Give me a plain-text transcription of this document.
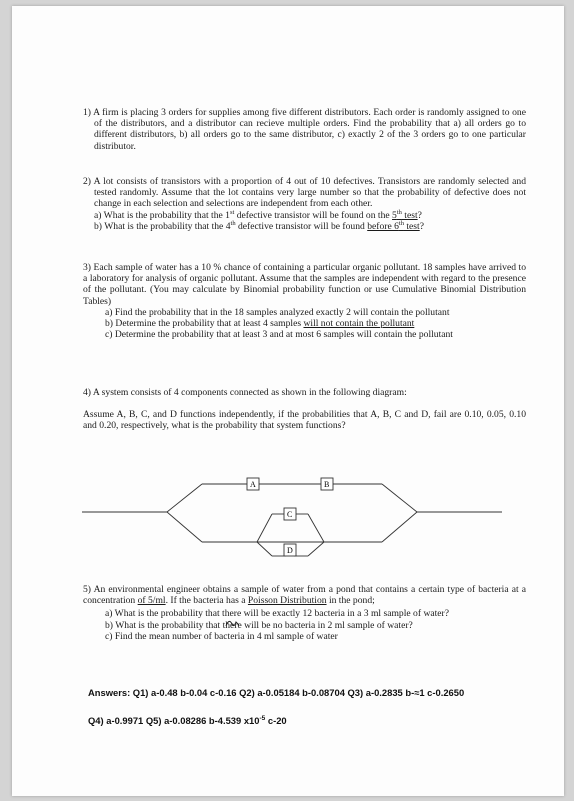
1) A firm is placing 3 orders for supplies among five different distributors. Each order is randomly assigned to one of the distributors, and a distributor can recieve multiple orders. Find the probability that a) all orders go to different distributors, b) all orders go to the same distributor, c) exactly 2 of the 3 orders go to one particular distributor.

2) A lot consists of transistors with a proportion of 4 out of 10 defectives. Transistors are randomly selected and tested randomly. Assume that the lot contains very large number so that the probability of defective does not change in each selection and selections are independent from each other.

a) What is the probability that the 1st defective transistor will be found on the 5th test?

b) What is the probability that the 4th defective transistor will be found before 6th test?

3) Each sample of water has a 10 % chance of containing a particular organic pollutant. 18 samples have arrived to a laboratory for analysis of organic pollutant. Assume that the samples are independent with regard to the presence of the pollutant. (You may calculate by Binomial probability function or use Cumulative Binomial Distribution Tables)

a) Find the probability that in the 18 samples analyzed exactly 2 will contain the pollutant

b) Determine the probability that at least 4 samples will not contain the pollutant

c) Determine the probability that at least 3 and at most 6 samples will contain the pollutant

4) A system consists of 4 components connected as shown in the following diagram:

Assume A, B, C, and D functions independently, if the probabilities that A, B, C and D, fail are 0.10, 0.05, 0.10 and 0.20, respectively, what is the probability that system functions?

A	B
C
D

5) An environmental engineer obtains a sample of water from a pond that contains a certain type of bacteria at a concentration of 5/ml. If the bacteria has a Poisson Distribution in the pond;

a) What is the probability that there will be exactly 12 bacteria in a 3 ml sample of water?

b) What is the probability that there will be no bacteria in 2 ml sample of water?

c) Find the mean number of bacteria in 4 ml sample of water

Answers: Q1) a-0.48 b-0.04 c-0.16 Q2) a-0.05184 b-0.08704 Q3) a-0.2835 b-≈1 c-0.2650
Q4) a-0.9971 Q5) a-0.08286 b-4.539 $x10^{-5}$ c-20
